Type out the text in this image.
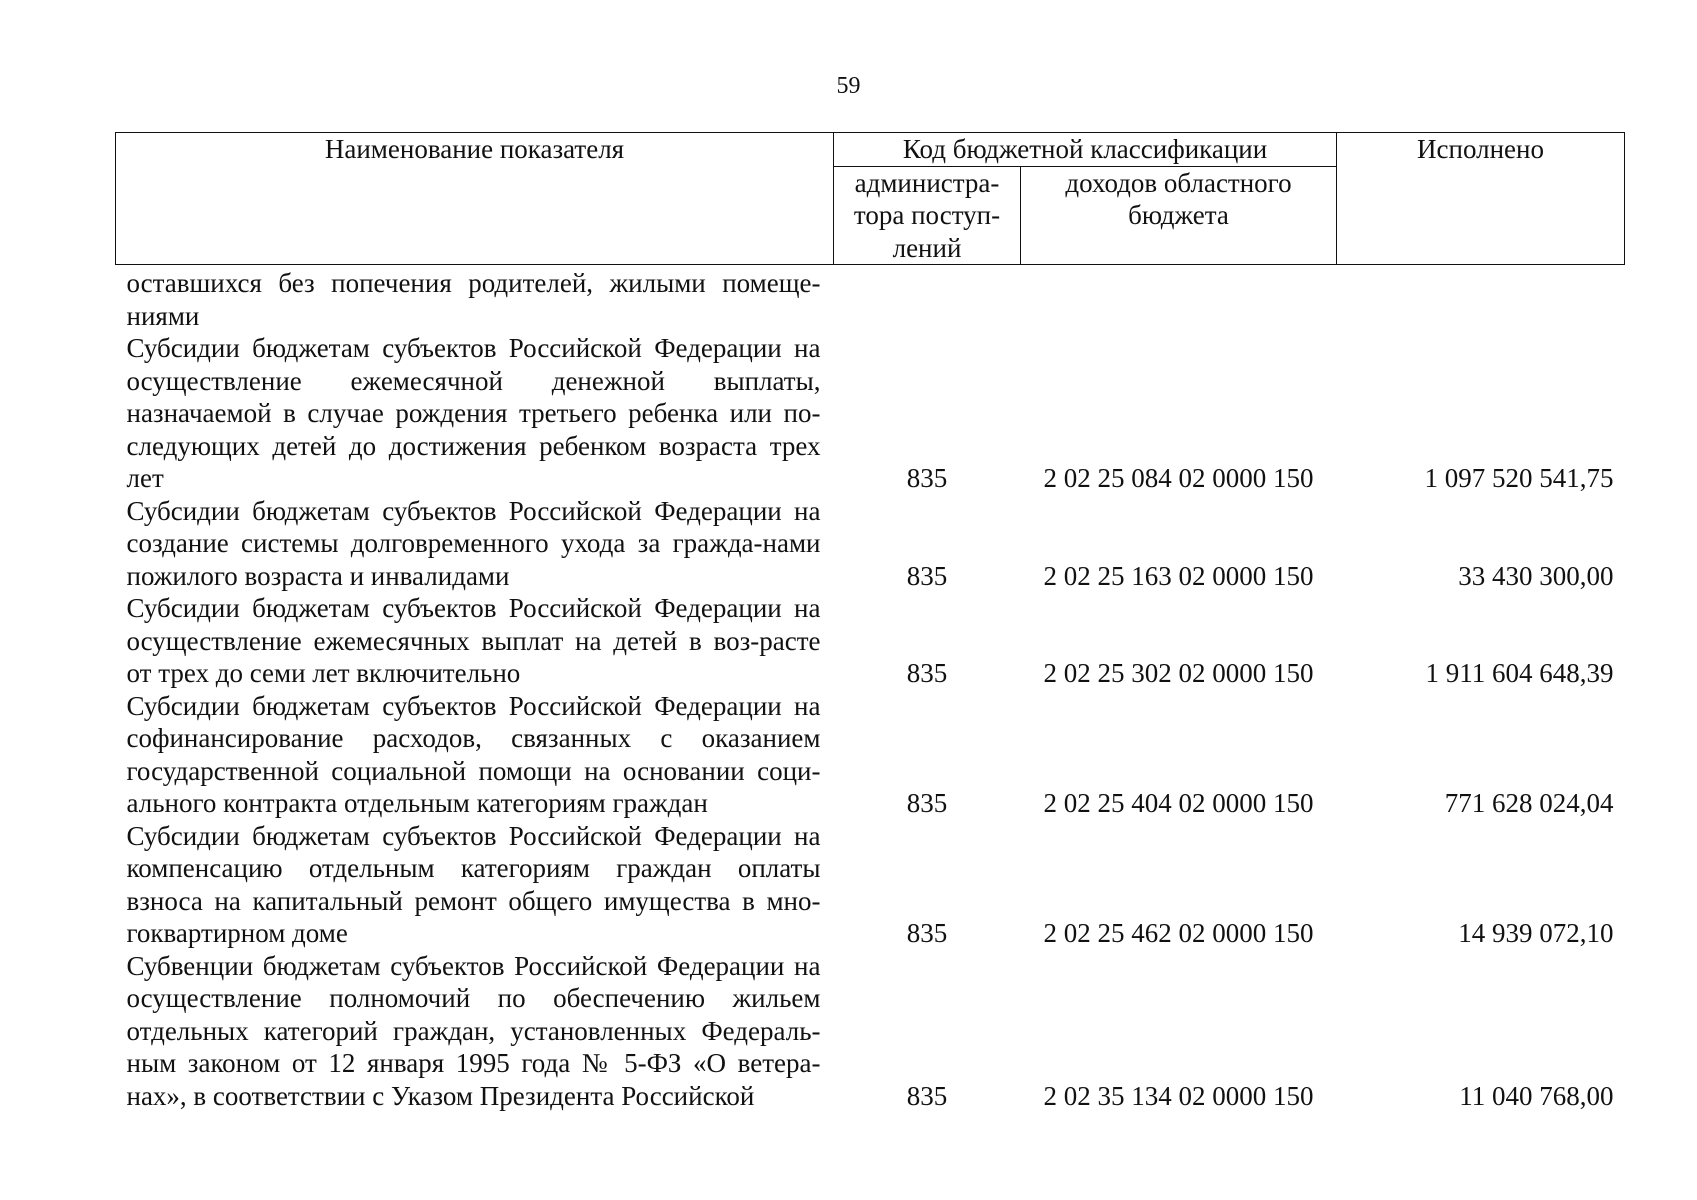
59
Наименование показателя	Код бюджетной классификации		Исполнено
	администра-тора поступ-лений	доходов областного бюджета	
оставшихся без попечения родителей, жилыми помеще-ниями			
Субсидии бюджетам субъектов Российской Федерации на осуществление ежемесячной денежной выплаты, назначаемой в случае рождения третьего ребенка или по-следующих детей до достижения ребенком возраста трех лет	835	2 02 25 084 02 0000 150	1 097 520 541,75
Субсидии бюджетам субъектов Российской Федерации на создание системы долговременного ухода за гражда-нами пожилого возраста и инвалидами	835	2 02 25 163 02 0000 150	33 430 300,00
Субсидии бюджетам субъектов Российской Федерации на осуществление ежемесячных выплат на детей в воз-расте от трех до семи лет включительно	835	2 02 25 302 02 0000 150	1 911 604 648,39
Субсидии бюджетам субъектов Российской Федерации на софинансирование расходов, связанных с оказанием государственной социальной помощи на основании соци-ального контракта отдельным категориям граждан	835	2 02 25 404 02 0000 150	771 628 024,04
Субсидии бюджетам субъектов Российской Федерации на компенсацию отдельным категориям граждан оплаты взноса на капитальный ремонт общего имущества в мно-гоквартирном доме	835	2 02 25 462 02 0000 150	14 939 072,10
Субвенции бюджетам субъектов Российской Федерации на осуществление полномочий по обеспечению жильем отдельных категорий граждан, установленных Федераль-ным законом от 12 января 1995 года № 5-ФЗ «О ветера-нах», в соответствии с Указом Президента Российской	835	2 02 35 134 02 0000 150	11 040 768,00
